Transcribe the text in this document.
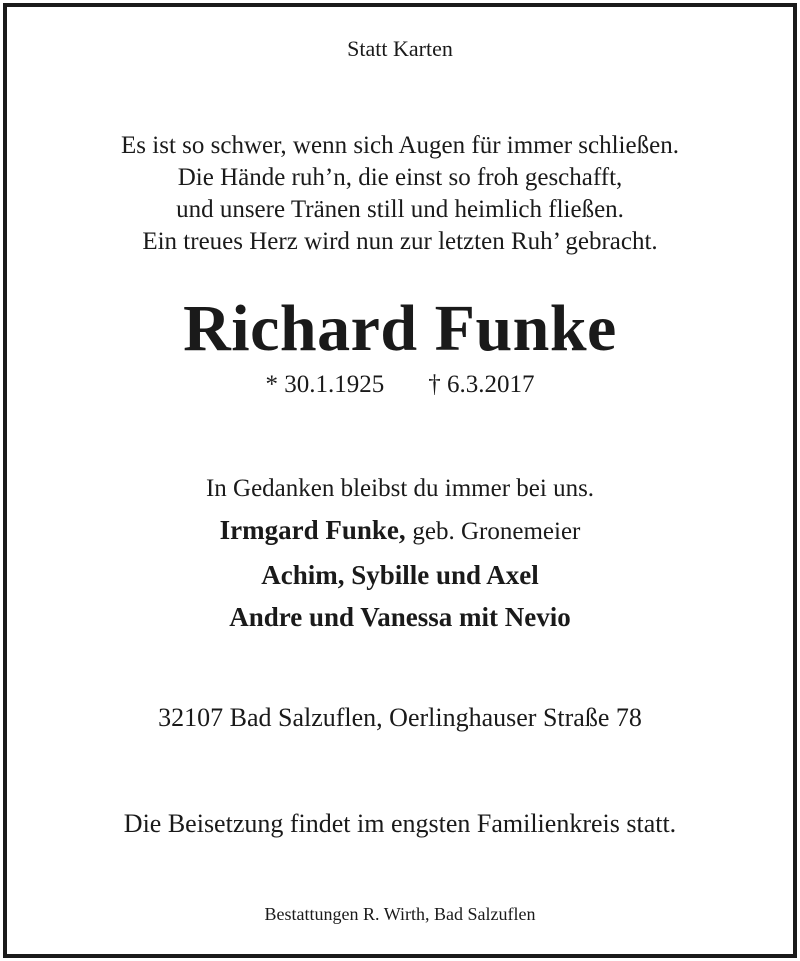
Statt Karten
Es ist so schwer, wenn sich Augen für immer schließen.
Die Hände ruh’n, die einst so froh geschafft,
und unsere Tränen still und heimlich fließen.
Ein treues Herz wird nun zur letzten Ruh’ gebracht.
Richard Funke
* 30.1.1925 † 6.3.2017
In Gedanken bleibst du immer bei uns.
Irmgard Funke, geb. Gronemeier
Achim, Sybille und Axel
Andre und Vanessa mit Nevio
32107 Bad Salzuflen, Oerlinghauser Straße 78
Die Beisetzung findet im engsten Familienkreis statt.
Bestattungen R. Wirth, Bad Salzuflen
